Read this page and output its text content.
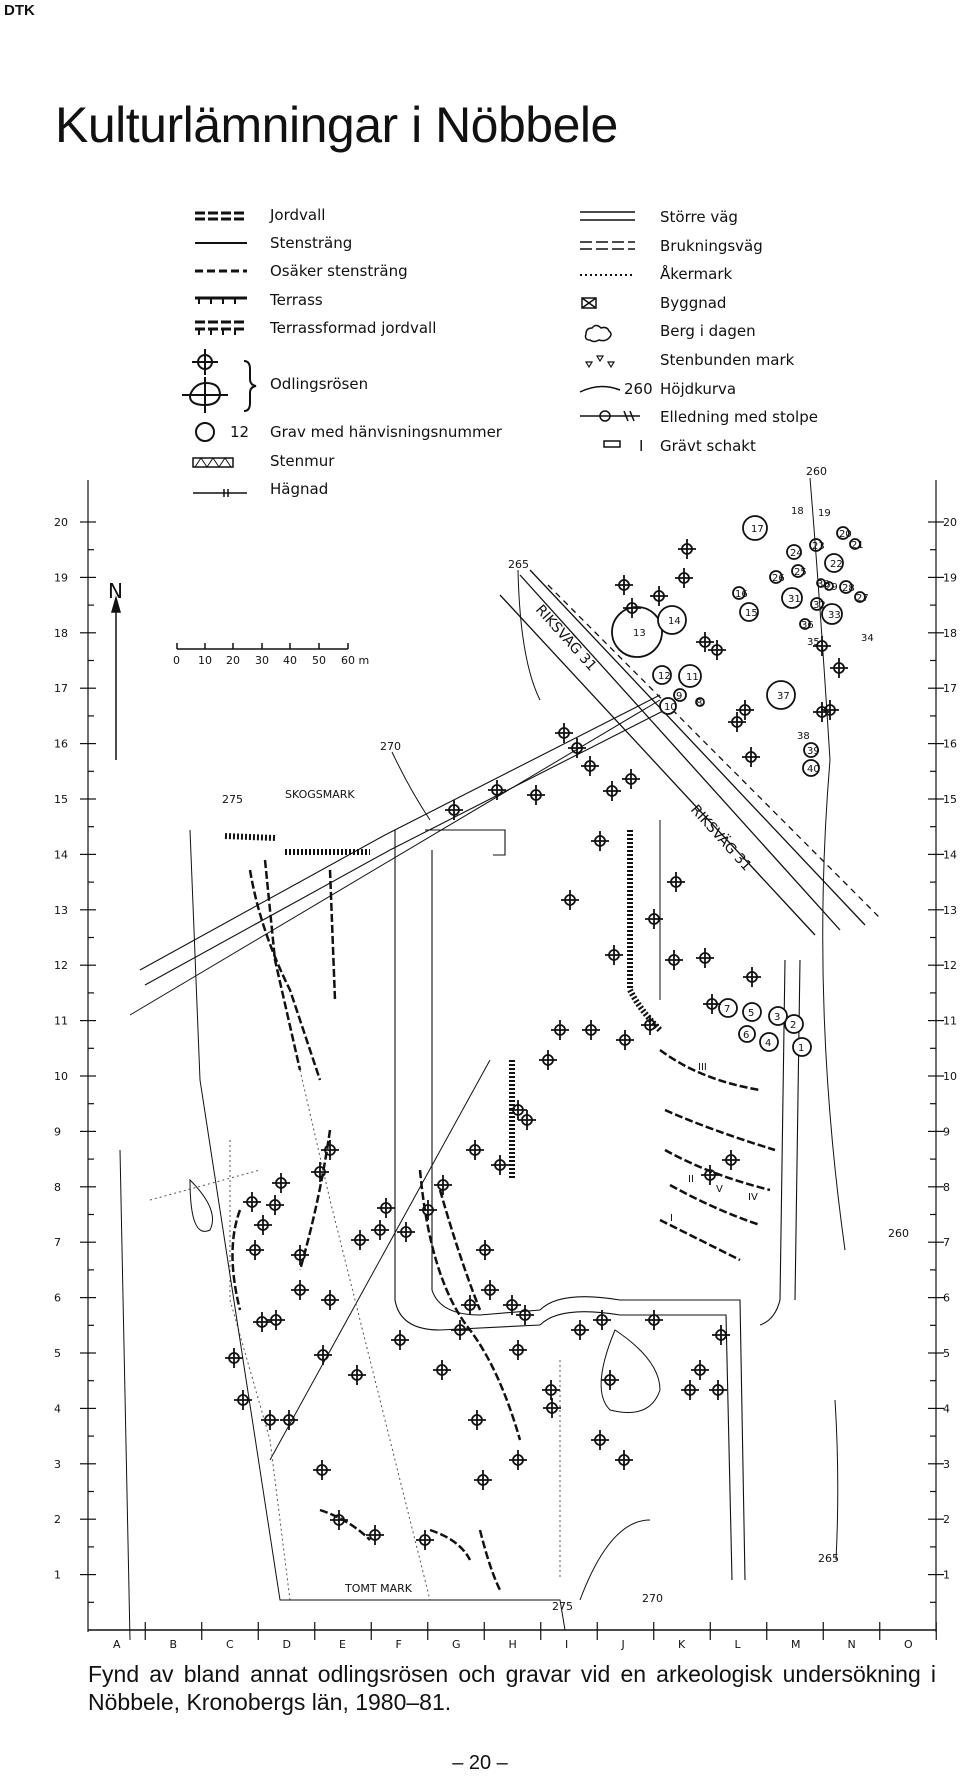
DTK
Kulturlämningar i Nöbbele
Jordvall
Stensträng
Osäker stensträng
Terrass
Terrassformad jordvall
Odlingsrösen
12 Grav med hänvisningsnummer
Stenmur
Hägnad
Större väg
Brukningsväg
Åkermark
Byggnad
Berg i dagen
Stenbunden mark
260 Höjdkurva
Elledning med stolpe
I Grävt schakt
20	20
19	19
18	18
17	17
16	16
15	15
14	14
13	13
12	12
11	11
10	10
9	9
8	8
7	7
6	6
5	5
4	4
3	3
2	2
1	1
A	B	C	D	E	F	G	H	I	J	K	L	M	N	O
N
0 10 20 30 40 50 60 m
1
2
3
4
5
6
7
8
9
10
11
12
13
14
15
16
17
18 19
20
21
22
23
24
25
26
27
28
29
30
31
32
33
34
35
36
37
38
39
40
SKOGSMARK
TOMT MARK
RIKSVÄG 31
RIKSVÄG 31
260
265
270
275
275
270
260
265
I
II
III
IV
V
Fynd av bland annat odlingsrösen och gravar vid en arkeologisk undersökning i Nöbbele, Kronobergs län, 1980–81.
– 20 –
